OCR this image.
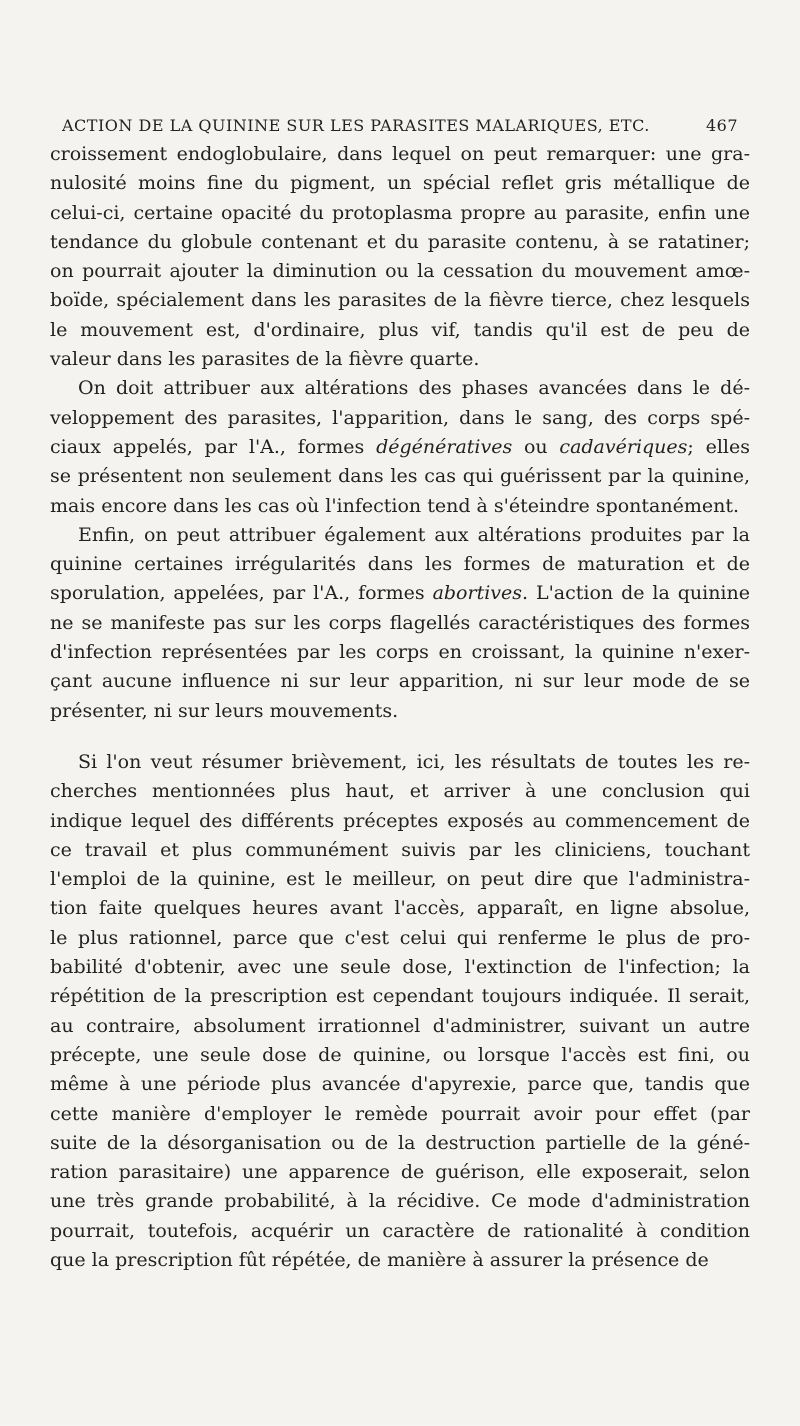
ACTION DE LA QUININE SUR LES PARASITES MALARIQUES, ETC.	467

croissement endoglobulaire, dans lequel on peut remarquer: une gra-
nulosité moins fine du pigment, un spécial reflet gris métallique de
celui-ci, certaine opacité du protoplasma propre au parasite, enfin une
tendance du globule contenant et du parasite contenu, à se ratatiner;
on pourrait ajouter la diminution ou la cessation du mouvement amœ-
boïde, spécialement dans les parasites de la fièvre tierce, chez lesquels
le mouvement est, d'ordinaire, plus vif, tandis qu'il est de peu de
valeur dans les parasites de la fièvre quarte.

On doit attribuer aux altérations des phases avancées dans le dé-
veloppement des parasites, l'apparition, dans le sang, des corps spé-
ciaux appelés, par l'A., formes dégénératives ou cadavériques; elles
se présentent non seulement dans les cas qui guérissent par la quinine,
mais encore dans les cas où l'infection tend à s'éteindre spontanément.

Enfin, on peut attribuer également aux altérations produites par la
quinine certaines irrégularités dans les formes de maturation et de
sporulation, appelées, par l'A., formes abortives. L'action de la quinine
ne se manifeste pas sur les corps flagellés caractéristiques des formes
d'infection représentées par les corps en croissant, la quinine n'exer-
çant aucune influence ni sur leur apparition, ni sur leur mode de se
présenter, ni sur leurs mouvements.

Si l'on veut résumer brièvement, ici, les résultats de toutes les re-
cherches mentionnées plus haut, et arriver à une conclusion qui
indique lequel des différents préceptes exposés au commencement de
ce travail et plus communément suivis par les cliniciens, touchant
l'emploi de la quinine, est le meilleur, on peut dire que l'administra-
tion faite quelques heures avant l'accès, apparaît, en ligne absolue,
le plus rationnel, parce que c'est celui qui renferme le plus de pro-
babilité d'obtenir, avec une seule dose, l'extinction de l'infection; la
répétition de la prescription est cependant toujours indiquée. Il serait,
au contraire, absolument irrationnel d'administrer, suivant un autre
précepte, une seule dose de quinine, ou lorsque l'accès est fini, ou
même à une période plus avancée d'apyrexie, parce que, tandis que
cette manière d'employer le remède pourrait avoir pour effet (par
suite de la désorganisation ou de la destruction partielle de la géné-
ration parasitaire) une apparence de guérison, elle exposerait, selon
une très grande probabilité, à la récidive. Ce mode d'administration
pourrait, toutefois, acquérir un caractère de rationalité à condition
que la prescription fût répétée, de manière à assurer la présence de
